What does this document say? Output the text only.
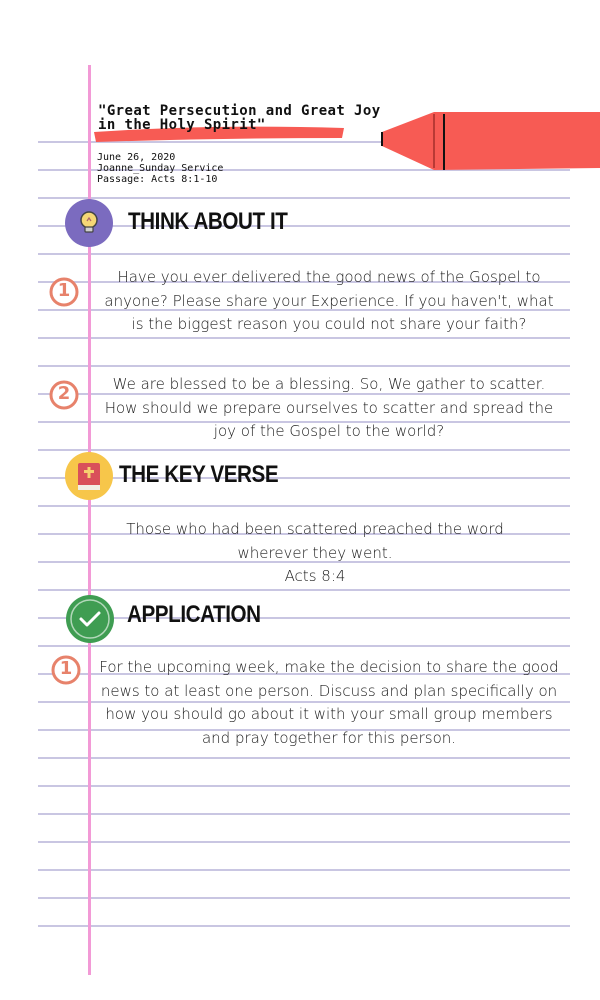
"Great Persecution and Great Joy
in the Holy Spirit"
June 26, 2020
Joanne_Sunday Service
Passage: Acts 8:1-10
THINK ABOUT IT
1
Have you ever delivered the good news of the Gospel to anyone? Please share your Experience. If you haven't, what is the biggest reason you could not share your faith?
2	We are blessed to be a blessing. So, We gather to scatter. How should we prepare ourselves to scatter and spread the joy of the Gospel to the world?
THE KEY VERSE
Those who had been scattered preached the word wherever they went.
Acts 8:4
APPLICATION
1	For the upcoming week, make the decision to share the good news to at least one person. Discuss and plan specifically on how you should go about it with your small group members and pray together for this person.
